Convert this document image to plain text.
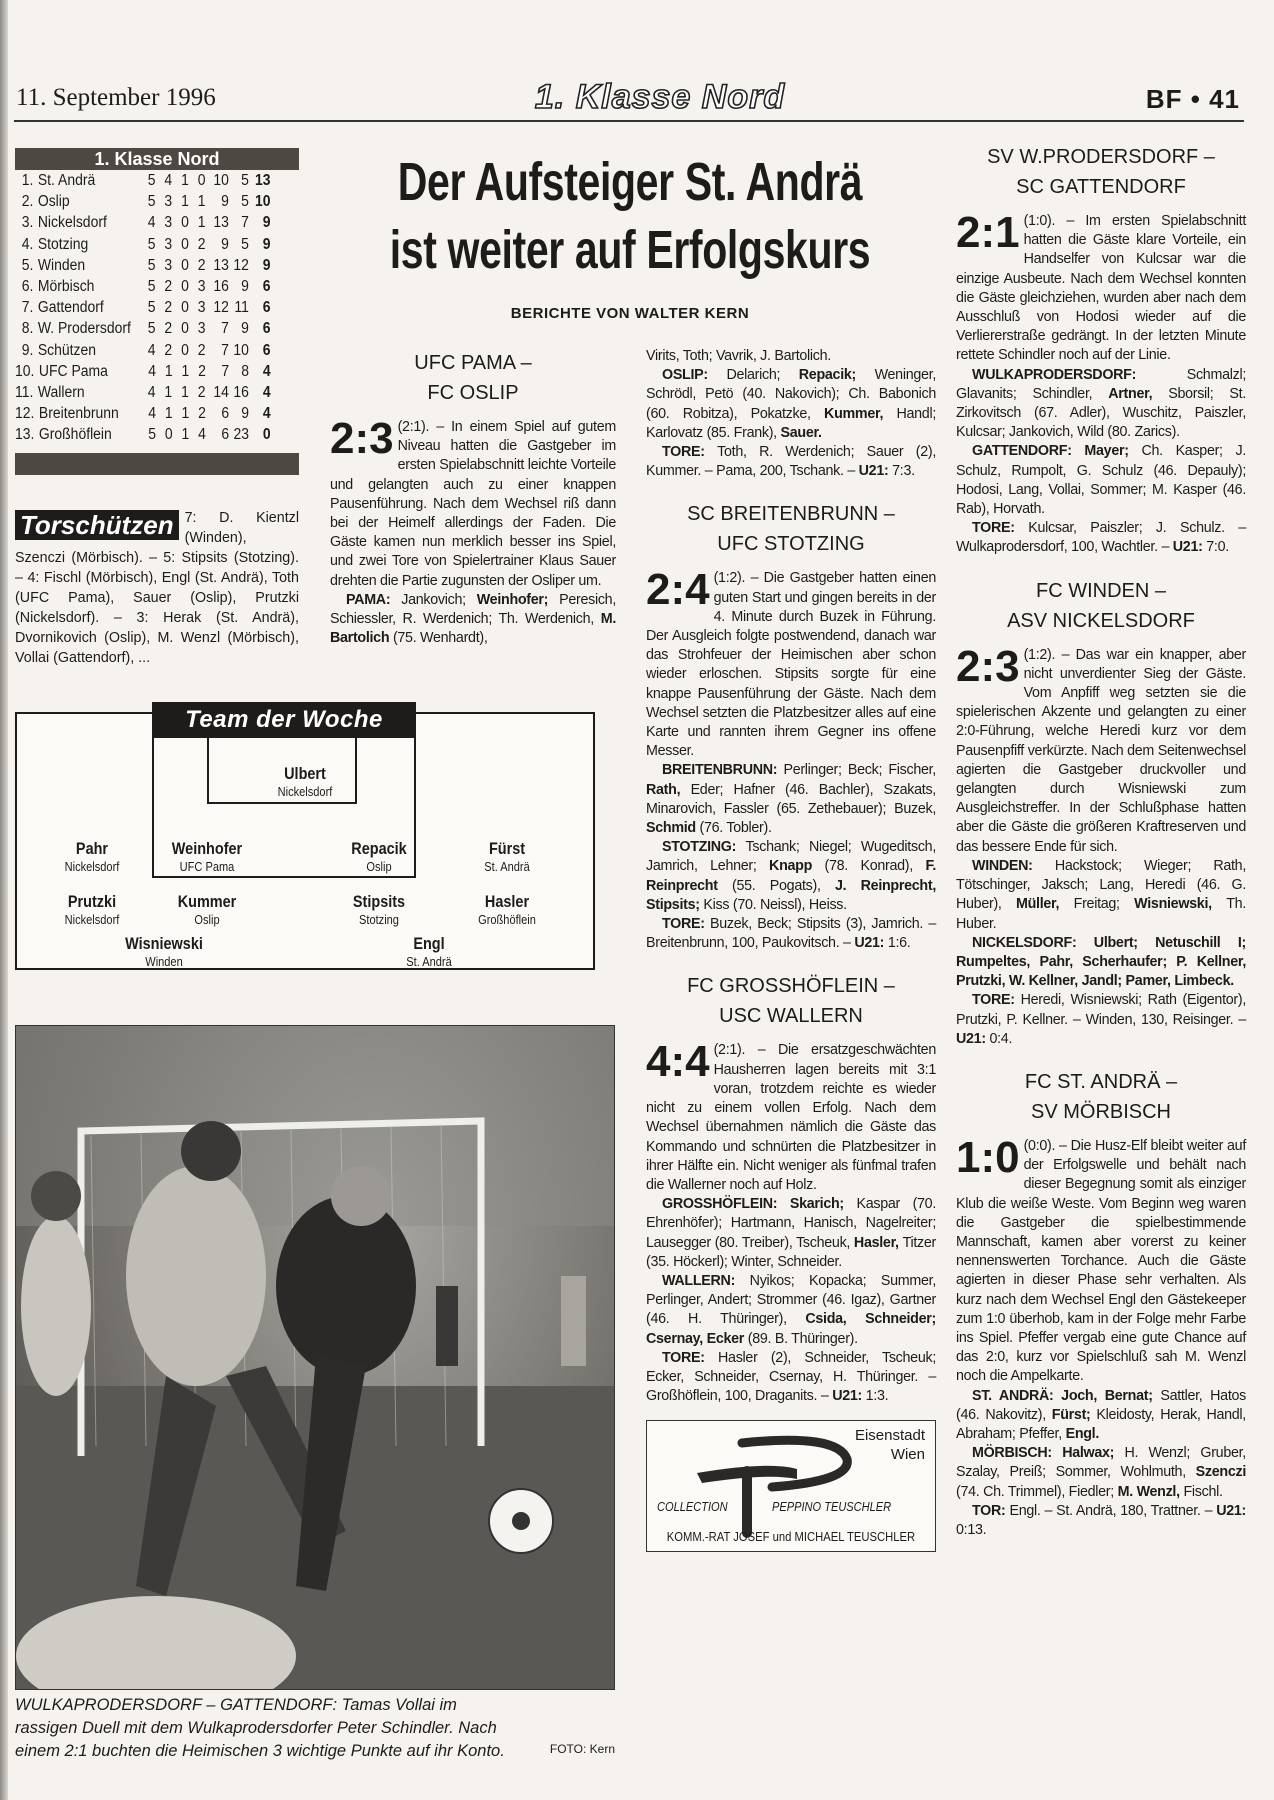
11. September 1996	1. Klasse Nord	BF • 41
1. Klasse Nord
1. St. Andrä	5 4 1 0 10 5 13
2. Oslip	5 3 1 1	9 5 10
3. Nickelsdorf	4 3 0 1 13 7 9
4. Stotzing	5 3 0 2	9 5 9
5. Winden	5 3 0 2 13 12 9
6. Mörbisch	5 2 0 3 16 9 6
7. Gattendorf	5 2 0 3 12 11 6
8. W. Prodersdorf	5 2 0 3	7 9 6
9. Schützen	4 2 0 2	7 10 6
10. UFC Pama	4 1 1 2 7 8 4
11. Wallern	4 1 1 2 14 16 4
12. Breitenbrunn	4 1 1 2 6 9 4
13. Großhöflein	5 0 1 4 6 23 0
Torschützen 7: D. Kientzl (Winden), Szenczi (Mörbisch). – 5: Stipsits (Stotzing). – 4: Fischl (Mörbisch), Engl (St. Andrä), Toth (UFC Pama), Sauer (Oslip), Prutzki (Nickelsdorf). – 3: Herak (St. Andrä), Dvornikovich (Oslip), M. Wenzl (Mörbisch), Vollai (Gattendorf), ...
Der Aufsteiger St. Andrä
ist weiter auf Erfolgskurs
BERICHTE VON WALTER KERN
UFC PAMA –
FC OSLIP
2:3 (2:1). – In einem Spiel auf gutem Niveau hatten die Gastgeber im ersten Spielabschnitt leichte Vorteile und gelangten auch zu einer knappen Pausenführung. Nach dem Wechsel riß dann bei der Heimelf allerdings der Faden. Die Gäste kamen nun merklich besser ins Spiel, und zwei Tore von Spielertrainer Klaus Sauer drehten die Partie zugunsten der Osliper um.
PAMA: Jankovich; Weinhofer; Peresich, Schiessler, R. Werdenich; Th. Werdenich, M. Bartolich (75. Wenhardt),
Virits, Toth; Vavrik, J. Bartolich.
OSLIP: Delarich; Repacik; Weninger, Schrödl, Petö (40. Nakovich); Ch. Babonich (60. Robitza), Pokatzke, Kummer, Handl; Karlovatz (85. Frank), Sauer.
TORE: Toth, R. Werdenich; Sauer (2), Kummer. – Pama, 200, Tschank. – U21: 7:3.
SC BREITENBRUNN –
UFC STOTZING
2:4 (1:2). – Die Gastgeber hatten einen guten Start und gingen bereits in der 4. Minute durch Buzek in Führung. Der Ausgleich folgte postwendend, danach war das Strohfeuer der Heimischen aber schon wieder erloschen. Stipsits sorgte für eine knappe Pausenführung der Gäste. Nach dem Wechsel setzten die Platzbesitzer alles auf eine Karte und rannten ihrem Gegner ins offene Messer.
BREITENBRUNN: Perlinger; Beck; Fischer, Rath, Eder; Hafner (46. Bachler), Szakats, Minarovich, Fassler (65. Zethebauer); Buzek, Schmid (76. Tobler).
STOTZING: Tschank; Niegel; Wugeditsch, Jamrich, Lehner; Knapp (78. Konrad), F. Reinprecht (55. Pogats), J. Reinprecht, Stipsits; Kiss (70. Neissl), Heiss.
TORE: Buzek, Beck; Stipsits (3), Jamrich. – Breitenbrunn, 100, Paukovitsch. – U21: 1:6.
FC GROSSHÖFLEIN –
USC WALLERN
4:4 (2:1). – Die ersatzgeschwächten Hausherren lagen bereits mit 3:1 voran, trotzdem reichte es wieder nicht zu einem vollen Erfolg. Nach dem Wechsel übernahmen nämlich die Gäste das Kommando und schnürten die Platzbesitzer in ihrer Hälfte ein. Nicht weniger als fünfmal trafen die Wallerner noch auf Holz.
GROSSHÖFLEIN: Skarich; Kaspar (70. Ehrenhöfer); Hartmann, Hanisch, Nagelreiter; Lausegger (80. Treiber), Tscheuk, Hasler, Titzer (35. Höckerl); Winter, Schneider.
WALLERN: Nyikos; Kopacka; Summer, Perlinger, Andert; Strommer (46. Igaz), Gartner (46. H. Thüringer), Csida, Schneider; Csernay, Ecker (89. B. Thüringer).
TORE: Hasler (2), Schneider, Tscheuk; Ecker, Schneider, Csernay, H. Thüringer. – Großhöflein, 100, Draganits. – U21: 1:3.
Eisenstadt
Wien
COLLECTION	PEPPINO TEUSCHLER
KOMM.-RAT JOSEF und MICHAEL TEUSCHLER
SV W.PRODERSDORF –
SC GATTENDORF
2:1 (1:0). – Im ersten Spielabschnitt hatten die Gäste klare Vorteile, ein Handselfer von Kulcsar war die einzige Ausbeute. Nach dem Wechsel konnten die Gäste gleichziehen, wurden aber nach dem Ausschluß von Hodosi wieder auf die Verliererstraße gedrängt. In der letzten Minute rettete Schindler noch auf der Linie.
WULKAPRODERSDORF: Schmalzl; Glavanits; Schindler, Artner, Sborsil; St. Zirkovitsch (67. Adler), Wuschitz, Paiszler, Kulcsar; Jankovich, Wild (80. Zarics).
GATTENDORF: Mayer; Ch. Kasper; J. Schulz, Rumpolt, G. Schulz (46. Depauly); Hodosi, Lang, Vollai, Sommer; M. Kasper (46. Rab), Horvath.
TORE: Kulcsar, Paiszler; J. Schulz. – Wulkaprodersdorf, 100, Wachtler. – U21: 7:0.
FC WINDEN –
ASV NICKELSDORF
2:3 (1:2). – Das war ein knapper, aber nicht unverdienter Sieg der Gäste. Vom Anpfiff weg setzten sie die spielerischen Akzente und gelangten zu einer 2:0-Führung, welche Heredi kurz vor dem Pausenpfiff verkürzte. Nach dem Seitenwechsel agierten die Gastgeber druckvoller und gelangten durch Wisniewski zum Ausgleichstreffer. In der Schlußphase hatten aber die Gäste die größeren Kraftreserven und das bessere Ende für sich.
WINDEN: Hackstock; Wieger; Rath, Tötschinger, Jaksch; Lang, Heredi (46. G. Huber), Müller, Freitag; Wisniewski, Th. Huber.
NICKELSDORF: Ulbert; Netuschill I; Rumpeltes, Pahr, Scherhaufer; P. Kellner, Prutzki, W. Kellner, Jandl; Pamer, Limbeck.
TORE: Heredi, Wisniewski; Rath (Eigentor), Prutzki, P. Kellner. – Winden, 130, Reisinger. – U21: 0:4.
FC ST. ANDRÄ –
SV MÖRBISCH
1:0 (0:0). – Die Husz-Elf bleibt weiter auf der Erfolgswelle und behält nach dieser Begegnung somit als einziger Klub die weiße Weste. Vom Beginn weg waren die Gastgeber die spielbestimmende Mannschaft, kamen aber vorerst zu keiner nennenswerten Torchance. Auch die Gäste agierten in dieser Phase sehr verhalten. Als kurz nach dem Wechsel Engl den Gästekeeper zum 1:0 überhob, kam in der Folge mehr Farbe ins Spiel. Pfeffer vergab eine gute Chance auf das 2:0, kurz vor Spielschluß sah M. Wenzl noch die Ampelkarte.
ST. ANDRÄ: Joch, Bernat; Sattler, Hatos (46. Nakovitz), Fürst; Kleidosty, Herak, Handl, Abraham; Pfeffer, Engl.
MÖRBISCH: Halwax; H. Wenzl; Gruber, Szalay, Preiß; Sommer, Wohlmuth, Szenczi (74. Ch. Trimmel), Fiedler; M. Wenzl, Fischl.
TOR: Engl. – St. Andrä, 180, Trattner. – U21: 0:13.
Team der Woche
Ulbert
Nickelsdorf
Pahr
Nickelsdorf
Weinhofer
UFC Pama
Repacik
Oslip
Fürst
St. Andrä
Prutzki
Nickelsdorf
Kummer
Oslip
Stipsits
Stotzing
Hasler
Großhöflein
Wisniewski
Winden
Engl
St. Andrä
WULKAPRODERSDORF – GATTENDORF: Tamas Vollai im rassigen Duell mit dem Wulkaprodersdorfer Peter Schindler. Nach einem 2:1 buchten die Heimischen 3 wichtige Punkte auf ihr Konto.	FOTO: Kern
